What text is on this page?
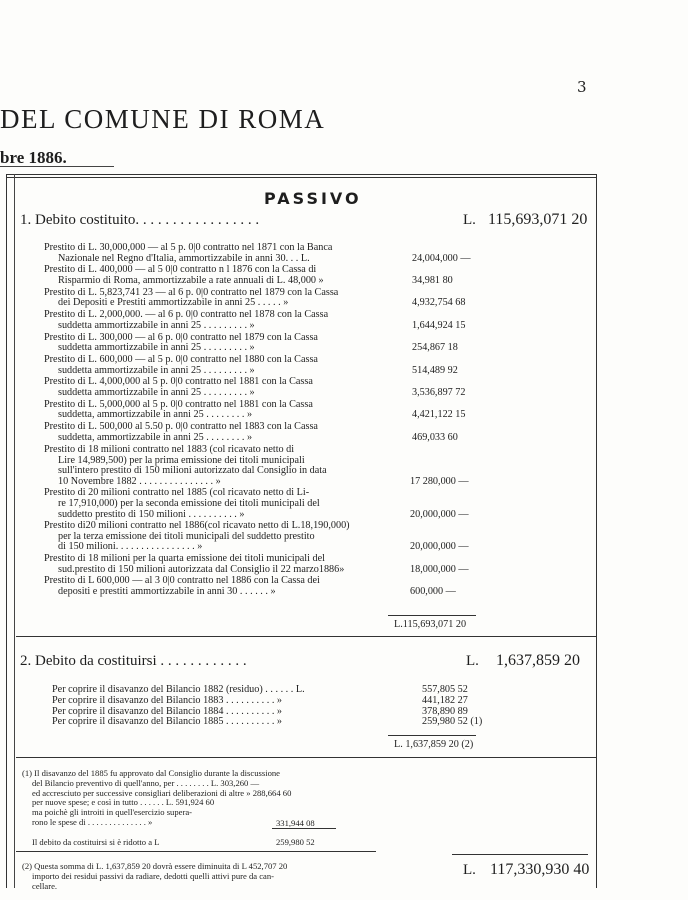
3
DEL COMUNE DI ROMA
bre 1886.
PASSIVO
1. Debito costituito. . . . . . . . . . . . . . . . .	L. 115,693,071 20
Prestito di L. 30,000,000 — al 5 p. 0|0 contratto nel 1871 con la Banca
Nazionale nel Regno d'Italia, ammortizzabile in anni 30. . . L.	24,004,000 —
Prestito di L. 400,000 — al 5 0|0 contratto n l 1876 con la Cassa di
Risparmio di Roma, ammortizzabile a rate annuali di L. 48,000 »	34,981 80
Prestito di L. 5,823,741 23 — al 6 p. 0|0 contratto nel 1879 con la Cassa
dei Depositi e Prestiti ammortizzabile in anni 25 . . . . . »	4,932,754 68
Prestito di L. 2,000,000. — al 6 p. 0|0 contratto nel 1878 con la Cassa
suddetta ammortizzabile in anni 25 . . . . . . . . . »	1,644,924 15
Prestito di L. 300,000 — al 6 p. 0|0 contratto nel 1879 con la Cassa
suddetta ammortizzabile in anni 25 . . . . . . . . . »	254,867 18
Prestito di L. 600,000 — al 5 p. 0|0 contratto nel 1880 con la Cassa
suddetta ammortizzabile in anni 25 . . . . . . . . . »	514,489 92
Prestito di L. 4,000,000 al 5 p. 0|0 contratto nel 1881 con la Cassa
suddetta ammortizzabile in anni 25 . . . . . . . . . »	3,536,897 72
Prestito di L. 5,000,000 al 5 p. 0|0 contratto nel 1881 con la Cassa
suddetta, ammortizzabile in anni 25 . . . . . . . . »	4,421,122 15
Prestito di L. 500,000 al 5.50 p. 0|0 contratto nel 1883 con la Cassa
suddetta, ammortizzabile in anni 25 . . . . . . . . »	469,033 60
Prestito di 18 milioni contratto nel 1883 (col ricavato netto di
Lire 14,989,500) per la prima emissione dei titoli municipali
sull'intero prestito di 150 milioni autorizzato dal Consiglio in data
10 Novembre 1882 . . . . . . . . . . . . . . . »	17 280,000 —
Prestito di 20 milioni contratto nel 1885 (col ricavato netto di Li-
re 17,910,000) per la seconda emissione dei titoli municipali del
suddetto prestito di 150 milioni . . . . . . . . . . »	20,000,000 —
Prestito di20 milioni contratto nel 1886(col ricavato netto di L.18,190,000)
per la terza emissione dei titoli municipali del suddetto prestito
di 150 milioni. . . . . . . . . . . . . . . . »	20,000,000 —
Prestito di 18 milioni per la quarta emissione dei titoli municipali del
sud.prestito di 150 milioni autorizzata dal Consiglio il 22 marzo1886»	18,000,000 —
Prestito di L 600,000 — al 3 0|0 contratto nel 1886 con la Cassa dei
depositi e prestiti ammortizzabile in anni 30 . . . . . . »	600,000 —
L.115,693,071 20
2. Debito da costituirsi . . . . . . . . . . . .	L. 1,637,859 20
Per coprire il disavanzo del Bilancio 1882 (residuo) . . . . . . L.	557,805 52
Per coprire il disavanzo del Bilancio 1883 . . . . . . . . . . »	441,182 27
Per coprire il disavanzo del Bilancio 1884 . . . . . . . . . . »	378,890 89
Per coprire il disavanzo del Bilancio 1885 . . . . . . . . . . »	259,980 52 (1)
L. 1,637,859 20 (2)
(1) Il disavanzo del 1885 fu approvato dal Consiglio durante la discussione
del Bilancio preventivo di quell'anno, per . . . . . . . . L. 303,260 —
ed accresciuto per successive consigliari deliberazioni di altre » 288,664 60
per nuove spese; e così in tutto . . . . . . L. 591,924 60
ma poichè gli introiti in quell'esercizio supera-
rono le spese di . . . . . . . . . . . . . . »	331,944 08
Il debito da costituirsi si è ridotto a L	259,980 52
(2) Questa somma di L. 1,637,859 20 dovrà essere diminuita di L 452,707 20
importo dei residui passivi da radiare, dedotti quelli attivi pure da can-
cellare.
L. 117,330,930 40
